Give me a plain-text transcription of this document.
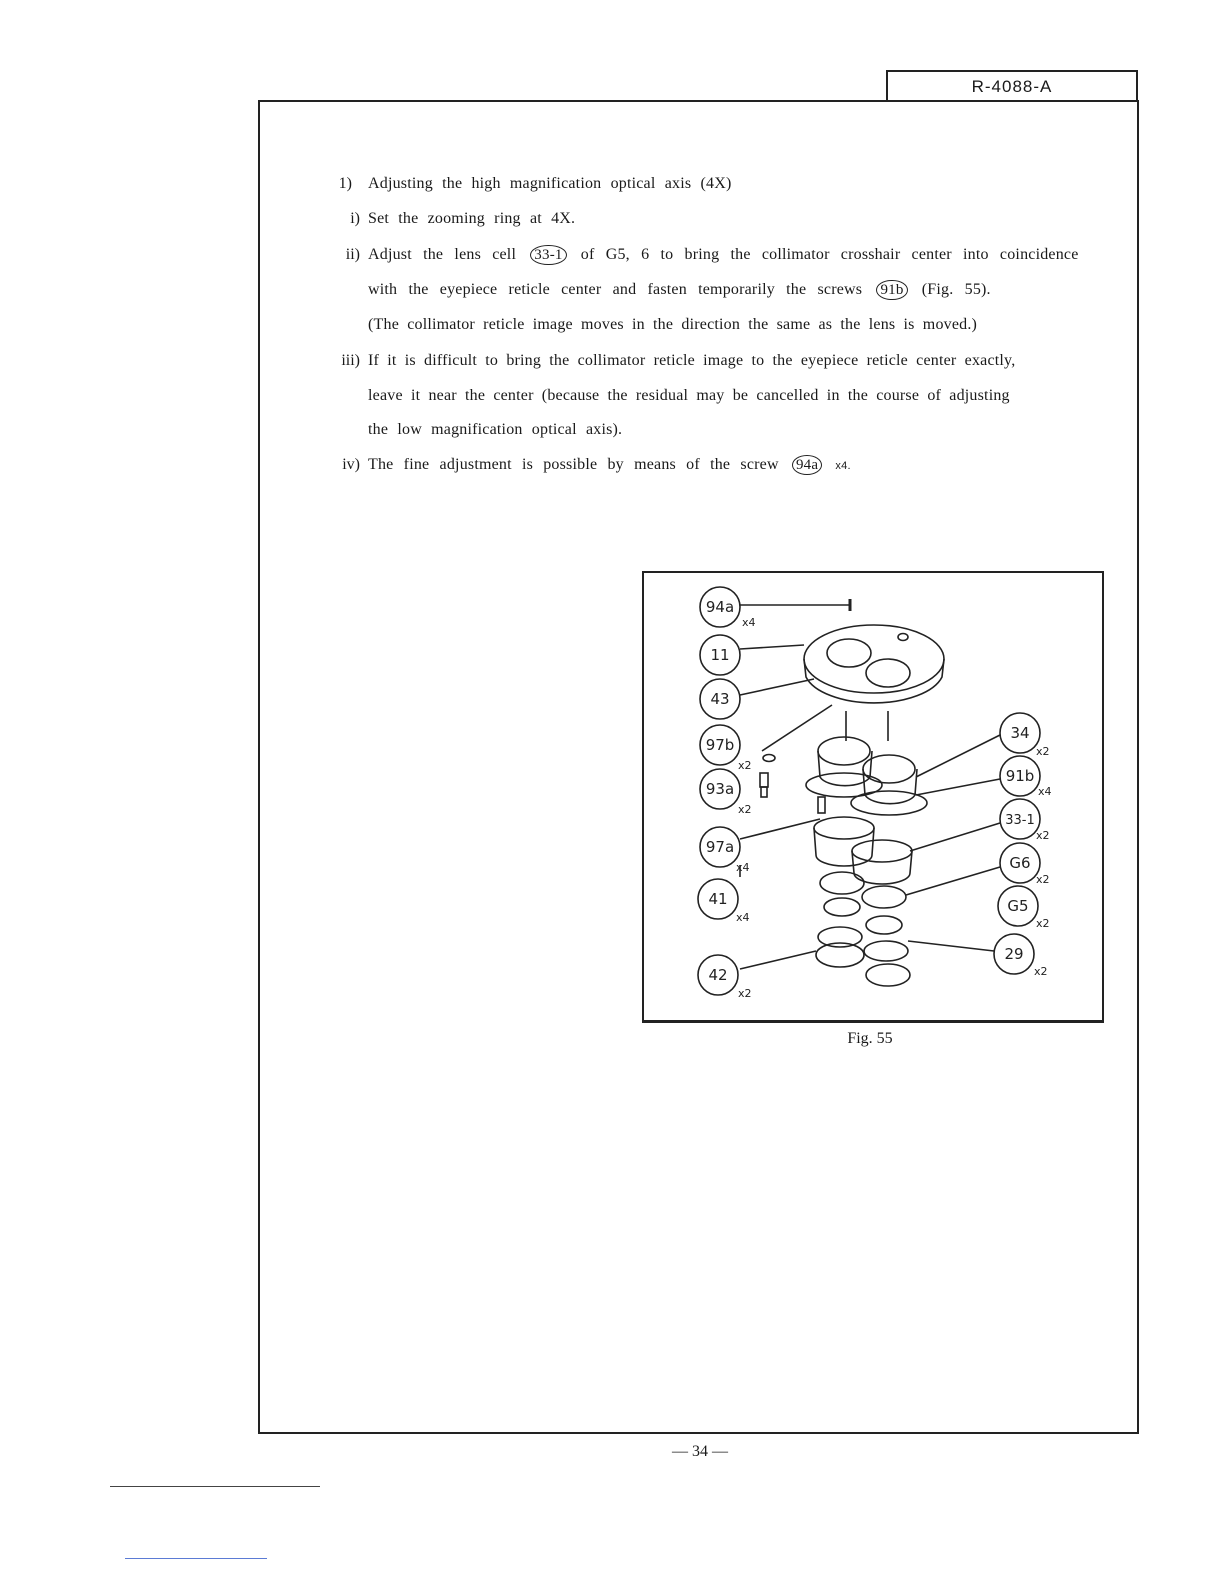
R-4088-A
1) Adjusting the high magnification optical axis (4X)
i) Set the zooming ring at 4X.
ii) Adjust the lens cell 33-1 of G5, 6 to bring the collimator crosshair center into coincidence
with the eyepiece reticle center and fasten temporarily the screws 91b (Fig. 55).
(The collimator reticle image moves in the direction the same as the lens is moved.)
iii) If it is difficult to bring the collimator reticle image to the eyepiece reticle center exactly,
leave it near the center (because the residual may be cancelled in the course of adjusting
the low magnification optical axis).
iv) The fine adjustment is possible by means of the screw 94a x4.
94a
x4
11
43
97b
x2
93a
x2
97a
x4
41
x4
42
x2
34
x2
91b
x4
33-1
x2
G6
x2
G5
x2
29
x2
Fig. 55
— 34 —
